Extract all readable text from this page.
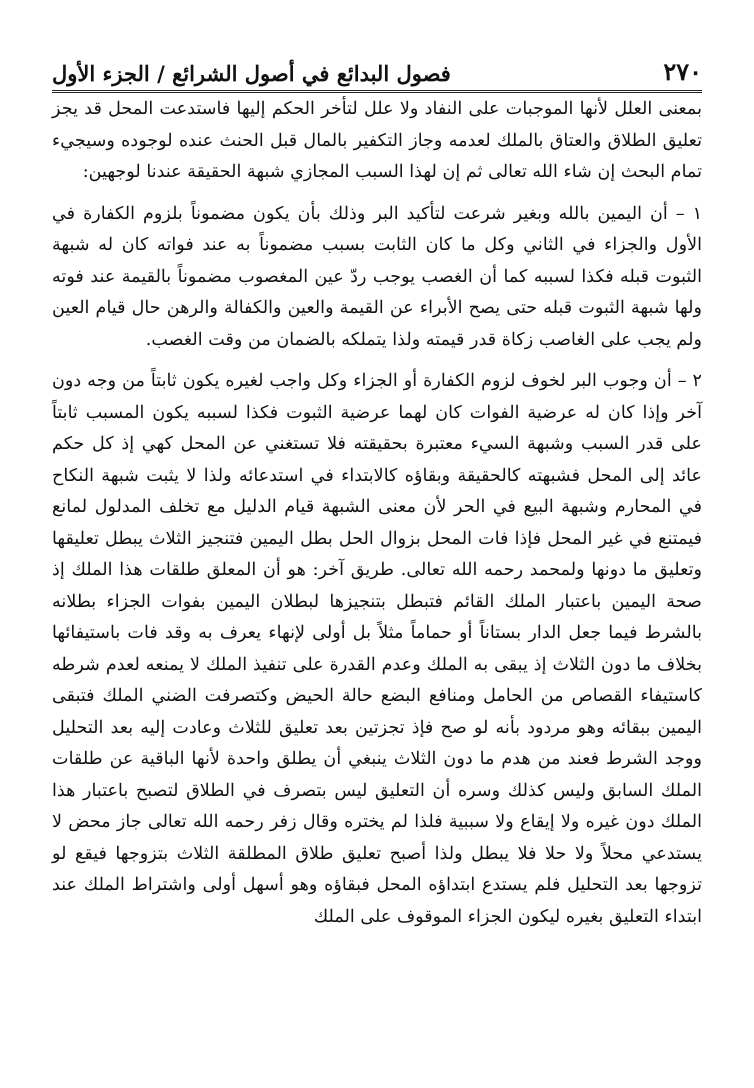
٢٧٠
فصول البدائع في أصول الشرائع / الجزء الأول

بمعنى العلل لأنها الموجبات على النفاد ولا علل لتأخر الحكم إليها فاستدعت المحل قد يجز تعليق الطلاق والعتاق بالملك لعدمه وجاز التكفير بالمال قبل الحنث عنده لوجوده وسيجيء تمام البحث إن شاء الله تعالى ثم إن لهذا السبب المجازي شبهة الحقيقة عندنا لوجهين:

١ – أن اليمين بالله وبغير شرعت لتأكيد البر وذلك بأن يكون مضموناً بلزوم الكفارة في الأول والجزاء في الثاني وكل ما كان الثابت بسبب مضموناً به عند فواته كان له شبهة الثبوت قبله فكذا لسببه كما أن الغصب يوجب ردّ عين المغصوب مضموناً بالقيمة عند فوته ولها شبهة الثبوت قبله حتى يصح الأبراء عن القيمة والعين والكفالة والرهن حال قيام العين ولم يجب على الغاصب زكاة قدر قيمته ولذا يتملكه بالضمان من وقت الغصب.

٢ – أن وجوب البر لخوف لزوم الكفارة أو الجزاء وكل واجب لغيره يكون ثابتاً من وجه دون آخر وإذا كان له عرضية الفوات كان لهما عرضية الثبوت فكذا لسببه يكون المسبب ثابتاً على قدر السبب وشبهة السيء معتبرة بحقيقته فلا تستغني عن المحل كهي إذ كل حكم عائد إلى المحل فشبهته كالحقيقة وبقاؤه كالابتداء في استدعائه ولذا لا يثبت شبهة النكاح في المحارم وشبهة البيع في الحر لأن معنى الشبهة قيام الدليل مع تخلف المدلول لمانع فيمتنع في غير المحل فإذا فات المحل بزوال الحل بطل اليمين فتنجيز الثلاث يبطل تعليقها وتعليق ما دونها ولمحمد رحمه الله تعالى. طريق آخر: هو أن المعلق طلقات هذا الملك إذ صحة اليمين باعتبار الملك القائم فتبطل بتنجيزها لبطلان اليمين بفوات الجزاء بطلانه بالشرط فيما جعل الدار بستاناً أو حماماً مثلاً بل أولى لإنهاء يعرف به وقد فات باستيفائها بخلاف ما دون الثلاث إذ يبقى به الملك وعدم القدرة على تنفيذ الملك لا يمنعه لعدم شرطه كاستيفاء القصاص من الحامل ومنافع البضع حالة الحيض وكتصرفت الضني الملك فتبقى اليمين ببقائه وهو مردود بأنه لو صح فإذ تجزتين بعد تعليق للثلاث وعادت إليه بعد التحليل ووجد الشرط فعند من هدم ما دون الثلاث ينبغي أن يطلق واحدة لأنها الباقية عن طلقات الملك السابق وليس كذلك وسره أن التعليق ليس بتصرف في الطلاق لتصبح باعتبار هذا الملك دون غيره ولا إيقاع ولا سببية فلذا لم يختره وقال زفر رحمه الله تعالى جاز محض لا يستدعي محلاً ولا حلا فلا يبطل ولذا أصبح تعليق طلاق المطلقة الثلاث بتزوجها فيقع لو تزوجها بعد التحليل فلم يستدع ابتداؤه المحل فبقاؤه وهو أسهل أولى واشتراط الملك عند ابتداء التعليق بغيره ليكون الجزاء الموقوف على الملك
